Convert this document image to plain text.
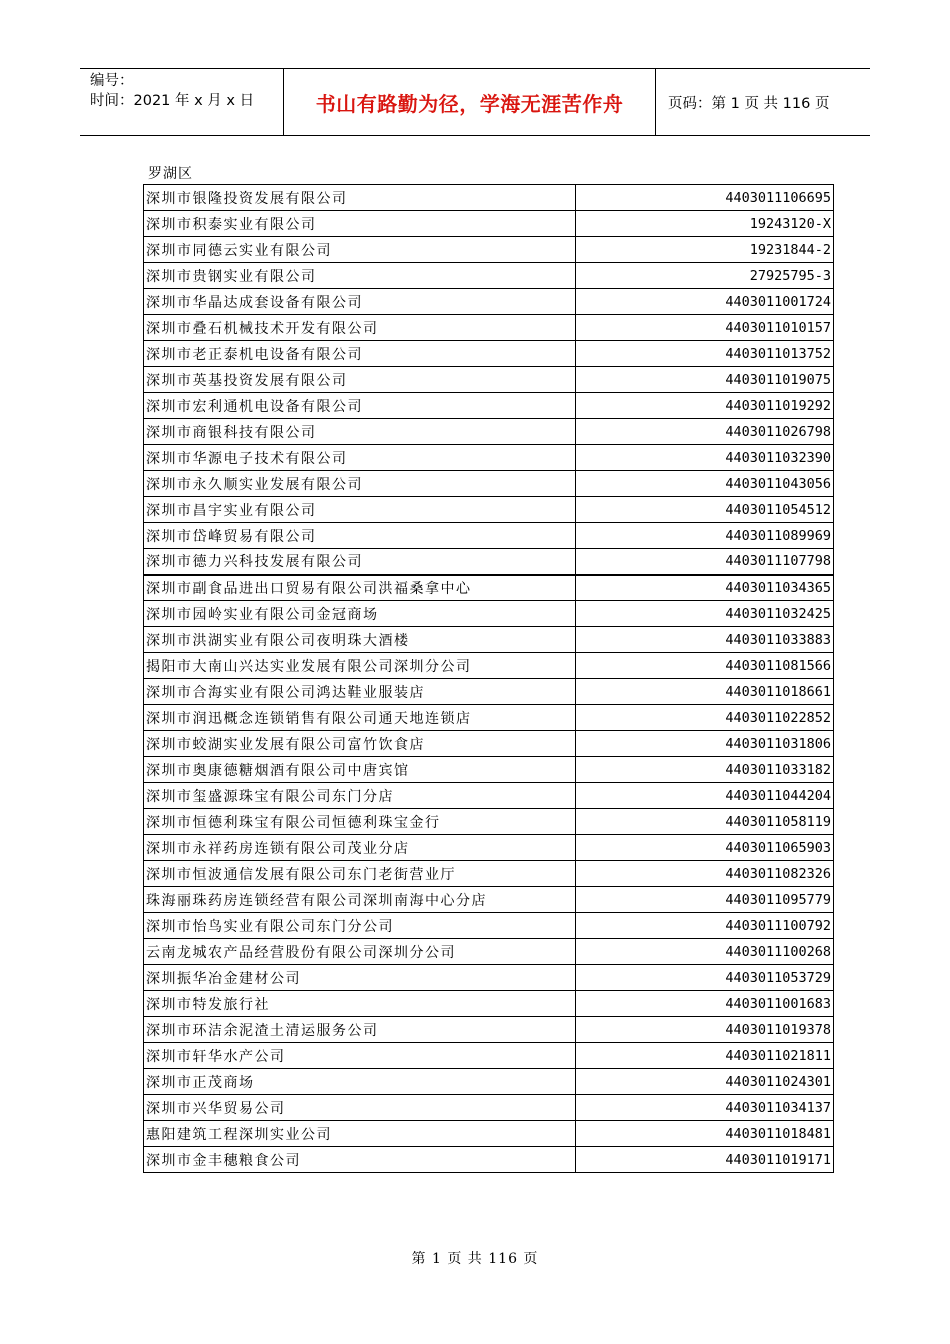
编号：
时间：2021 年 x 月 x 日	书山有路勤为径，学海无涯苦作舟	页码：第 1 页 共 116 页
罗湖区
深圳市银隆投资发展有限公司	4403011106695
深圳市积泰实业有限公司	19243120-X
深圳市同德云实业有限公司	19231844-2
深圳市贵钢实业有限公司	27925795-3
深圳市华晶达成套设备有限公司	4403011001724
深圳市叠石机械技术开发有限公司	4403011010157
深圳市老正泰机电设备有限公司	4403011013752
深圳市英基投资发展有限公司	4403011019075
深圳市宏利通机电设备有限公司	4403011019292
深圳市商银科技有限公司	4403011026798
深圳市华源电子技术有限公司	4403011032390
深圳市永久顺实业发展有限公司	4403011043056
深圳市昌宇实业有限公司	4403011054512
深圳市岱峰贸易有限公司	4403011089969
深圳市德力兴科技发展有限公司	4403011107798
深圳市副食品进出口贸易有限公司洪福桑拿中心	4403011034365
深圳市园岭实业有限公司金冠商场	4403011032425
深圳市洪湖实业有限公司夜明珠大酒楼	4403011033883
揭阳市大南山兴达实业发展有限公司深圳分公司	4403011081566
深圳市合海实业有限公司鸿达鞋业服装店	4403011018661
深圳市润迅概念连锁销售有限公司通天地连锁店	4403011022852
深圳市蛟湖实业发展有限公司富竹饮食店	4403011031806
深圳市奥康德糖烟酒有限公司中唐宾馆	4403011033182
深圳市玺盛源珠宝有限公司东门分店	4403011044204
深圳市恒德利珠宝有限公司恒德利珠宝金行	4403011058119
深圳市永祥药房连锁有限公司茂业分店	4403011065903
深圳市恒波通信发展有限公司东门老街营业厅	4403011082326
珠海丽珠药房连锁经营有限公司深圳南海中心分店	4403011095779
深圳市怡鸟实业有限公司东门分公司	4403011100792
云南龙城农产品经营股份有限公司深圳分公司	4403011100268
深圳振华冶金建材公司	4403011053729
深圳市特发旅行社	4403011001683
深圳市环洁余泥渣土清运服务公司	4403011019378
深圳市轩华水产公司	4403011021811
深圳市正茂商场	4403011024301
深圳市兴华贸易公司	4403011034137
惠阳建筑工程深圳实业公司	4403011018481
深圳市金丰穗粮食公司	4403011019171
第 1 页 共 116 页
